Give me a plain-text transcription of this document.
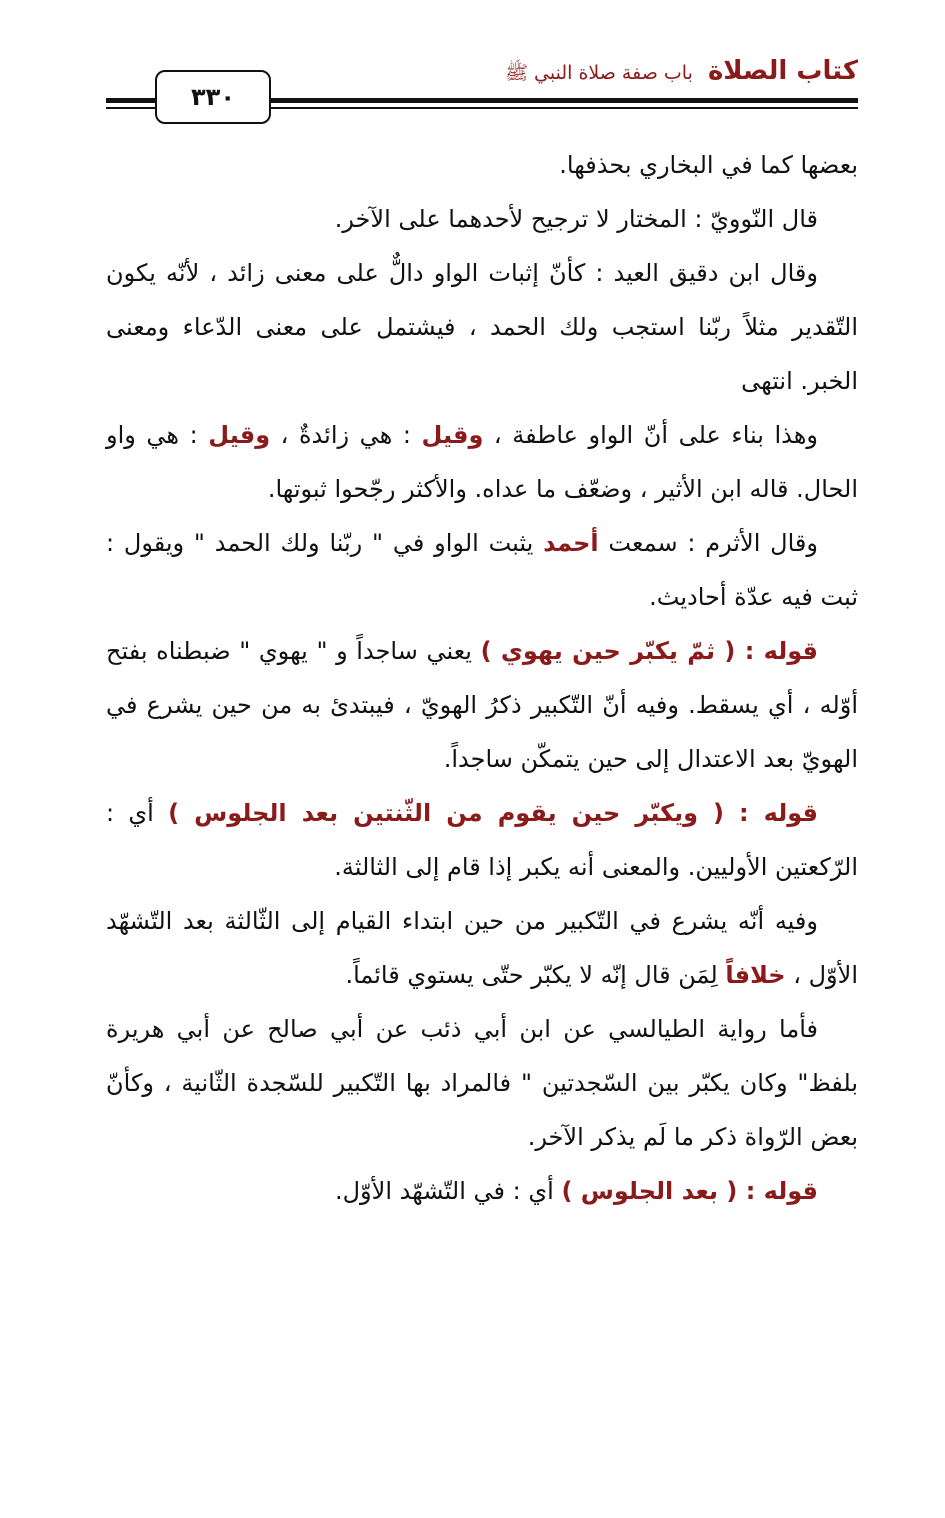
كتاب الصلاة باب صفة صلاة النبي ﷺ
٣٣٠

بعضها كما في البخاري بحذفها.

قال النّوويّ : المختار لا ترجيح لأحدهما على الآخر.

وقال ابن دقيق العيد : كأنّ إثبات الواو دالٌّ على معنى زائد ، لأنّه يكون التّقدير مثلاً ربّنا استجب ولك الحمد ، فيشتمل على معنى الدّعاء ومعنى الخبر. انتهى

وهذا بناء على أنّ الواو عاطفة ، وقيل : هي زائدةٌ ، وقيل : هي واو الحال. قاله ابن الأثير ، وضعّف ما عداه. والأكثر رجّحوا ثبوتها.

وقال الأثرم : سمعت أحمد يثبت الواو في " ربّنا ولك الحمد " ويقول : ثبت فيه عدّة أحاديث.

قوله : ( ثمّ يكبّر حين يهوي ) يعني ساجداً و " يهوي " ضبطناه بفتح أوّله ، أي يسقط. وفيه أنّ التّكبير ذكرُ الهويّ ، فيبتدئ به من حين يشرع في الهويّ بعد الاعتدال إلى حين يتمكّن ساجداً.

قوله : ( ويكبّر حين يقوم من الثّنتين بعد الجلوس ) أي : الرّكعتين الأوليين. والمعنى أنه يكبر إذا قام إلى الثالثة.

وفيه أنّه يشرع في التّكبير من حين ابتداء القيام إلى الثّالثة بعد التّشهّد الأوّل ، خلافاً لِمَن قال إنّه لا يكبّر حتّى يستوي قائماً.

فأما رواية الطيالسي عن ابن أبي ذئب عن أبي صالح عن أبي هريرة بلفظ" وكان يكبّر بين السّجدتين " فالمراد بها التّكبير للسّجدة الثّانية ، وكأنّ بعض الرّواة ذكر ما لَم يذكر الآخر.

قوله : ( بعد الجلوس ) أي : في التّشهّد الأوّل.
